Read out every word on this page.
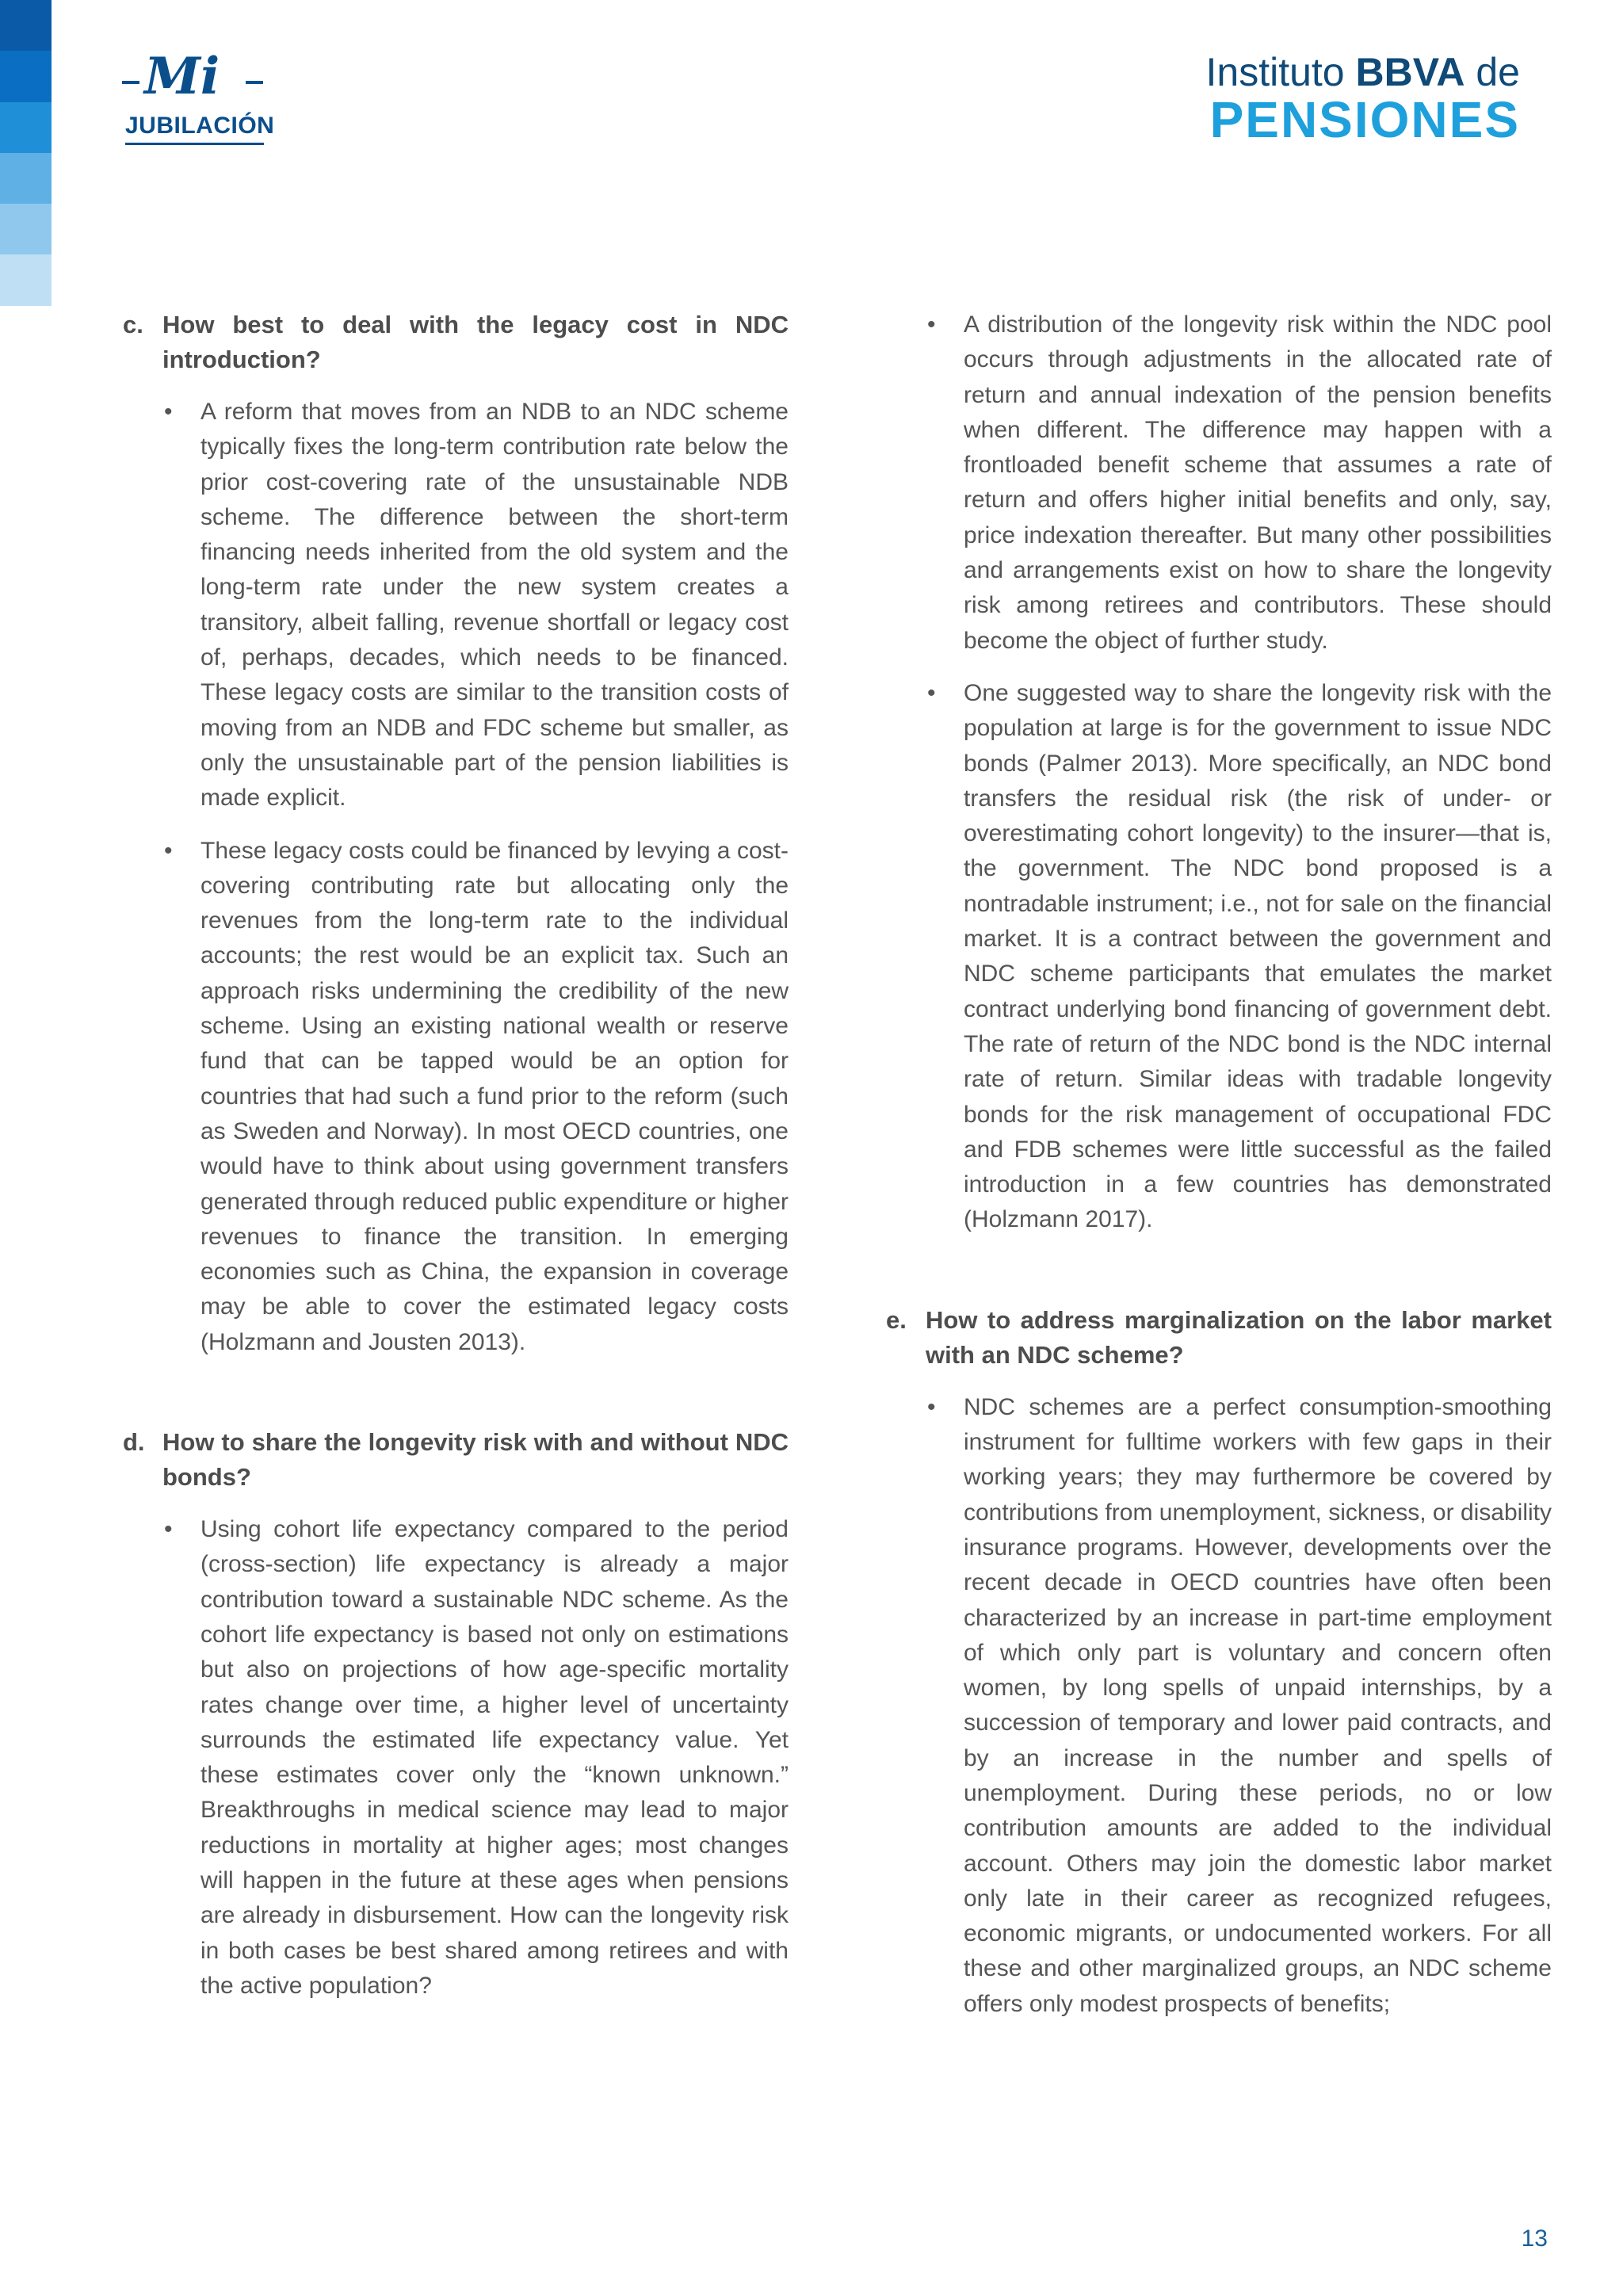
Mi
JUBILACIÓN
Instituto BBVA de
PENSIONES
c. How best to deal with the legacy cost in NDC introduction?
• A reform that moves from an NDB to an NDC scheme typically fixes the long-term contribution rate below the prior cost-covering rate of the unsustainable NDB scheme. The difference between the short-term financing needs inherited from the old system and the long-term rate under the new system creates a transitory, albeit falling, revenue shortfall or legacy cost of, perhaps, decades, which needs to be financed. These legacy costs are similar to the transition costs of moving from an NDB and FDC scheme but smaller, as only the unsustainable part of the pension liabilities is made explicit.
• These legacy costs could be financed by levying a cost-covering contributing rate but allocating only the revenues from the long-term rate to the individual accounts; the rest would be an explicit tax. Such an approach risks undermining the credibility of the new scheme. Using an existing national wealth or reserve fund that can be tapped would be an option for countries that had such a fund prior to the reform (such as Sweden and Norway). In most OECD countries, one would have to think about using government transfers generated through reduced public expenditure or higher revenues to finance the transition. In emerging economies such as China, the expansion in coverage may be able to cover the estimated legacy costs (Holzmann and Jousten 2013).
d. How to share the longevity risk with and without NDC bonds?
• Using cohort life expectancy compared to the period (cross-section) life expectancy is already a major contribution toward a sustainable NDC scheme. As the cohort life expectancy is based not only on estimations but also on projections of how age-specific mortality rates change over time, a higher level of uncertainty surrounds the estimated life expectancy value. Yet these estimates cover only the “known unknown.” Breakthroughs in medical science may lead to major reductions in mortality at higher ages; most changes will happen in the future at these ages when pensions are already in disbursement. How can the longevity risk in both cases be best shared among retirees and with the active population?
• A distribution of the longevity risk within the NDC pool occurs through adjustments in the allocated rate of return and annual indexation of the pension benefits when different. The difference may happen with a frontloaded benefit scheme that assumes a rate of return and offers higher initial benefits and only, say, price indexation thereafter. But many other possibilities and arrangements exist on how to share the longevity risk among retirees and contributors. These should become the object of further study.
• One suggested way to share the longevity risk with the population at large is for the government to issue NDC bonds (Palmer 2013). More specifically, an NDC bond transfers the residual risk (the risk of under- or overestimating cohort longevity) to the insurer—that is, the government. The NDC bond proposed is a nontradable instrument; i.e., not for sale on the financial market. It is a contract between the government and NDC scheme participants that emulates the market contract underlying bond financing of government debt. The rate of return of the NDC bond is the NDC internal rate of return. Similar ideas with tradable longevity bonds for the risk management of occupational FDC and FDB schemes were little successful as the failed introduction in a few countries has demonstrated (Holzmann 2017).
e. How to address marginalization on the labor market with an NDC scheme?
• NDC schemes are a perfect consumption-smoothing instrument for fulltime workers with few gaps in their working years; they may furthermore be covered by contributions from unemployment, sickness, or disability insurance programs. However, developments over the recent decade in OECD countries have often been characterized by an increase in part-time employment of which only part is voluntary and concern often women, by long spells of unpaid internships, by a succession of temporary and lower paid contracts, and by an increase in the number and spells of unemployment. During these periods, no or low contribution amounts are added to the individual account. Others may join the domestic labor market only late in their career as recognized refugees, economic migrants, or undocumented workers. For all these and other marginalized groups, an NDC scheme offers only modest prospects of benefits;
13
